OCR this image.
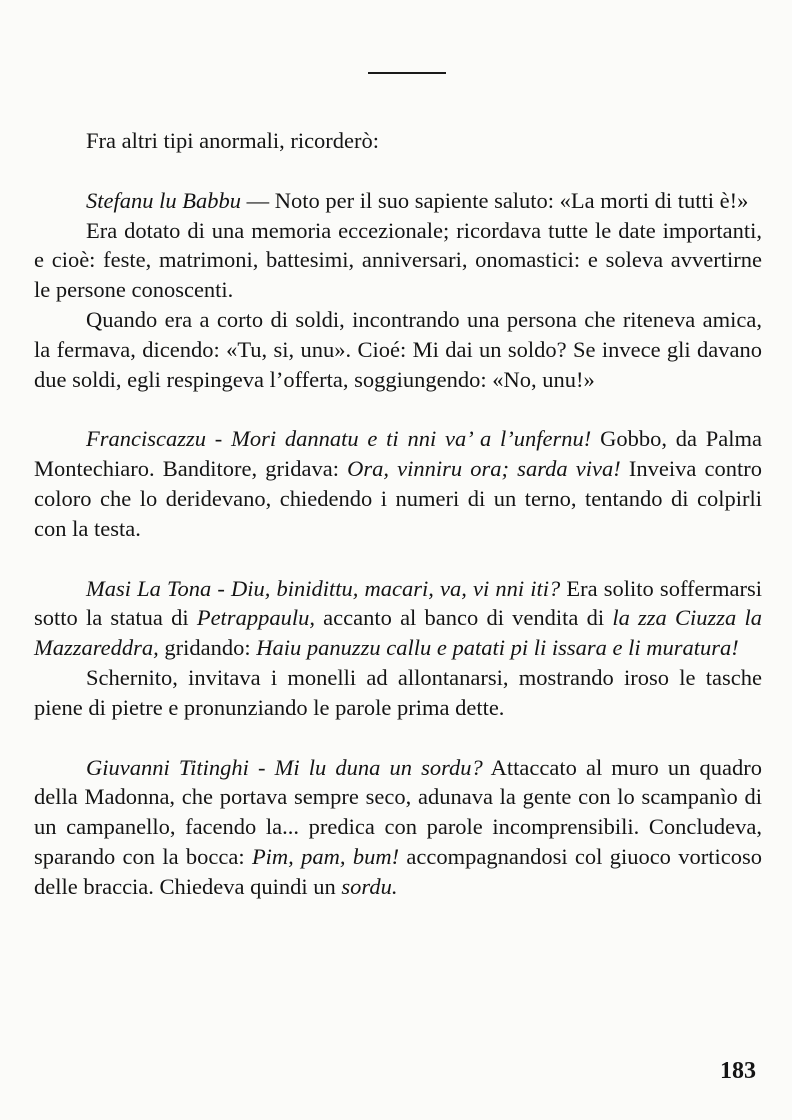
Fra altri tipi anormali, ricorderò:

Stefanu lu Babbu — Noto per il suo sapiente saluto: «La morti di tutti è!»

Era dotato di una memoria eccezionale; ricordava tutte le date importanti, e cioè: feste, matrimoni, battesimi, anniversari, onomastici: e soleva avvertirne le persone conoscenti.

Quando era a corto di soldi, incontrando una persona che riteneva amica, la fermava, dicendo: «Tu, si, unu». Cioé: Mi dai un soldo? Se invece gli davano due soldi, egli respingeva l’offerta, soggiungendo: «No, unu!»

Franciscazzu - Mori dannatu e ti nni va’ a l’unfernu! Gobbo, da Palma Montechiaro. Banditore, gridava: Ora, vinniru ora; sarda viva! Inveiva contro coloro che lo deridevano, chiedendo i numeri di un terno, tentando di colpirli con la testa.

Masi La Tona - Diu, binidittu, macari, va, vi nni iti? Era solito soffermarsi sotto la statua di Petrappaulu, accanto al banco di vendita di la zza Ciuzza la Mazzareddra, gridando: Haiu panuzzu callu e patati pi li issara e li muratura!

Schernito, invitava i monelli ad allontanarsi, mostrando iroso le tasche piene di pietre e pronunziando le parole prima dette.

Giuvanni Titinghi - Mi lu duna un sordu? Attaccato al muro un quadro della Madonna, che portava sempre seco, adunava la gente con lo scampanìo di un campanello, facendo la... predica con parole incomprensibili. Concludeva, sparando con la bocca: Pim, pam, bum! accompagnandosi col giuoco vorticoso delle braccia. Chiedeva quindi un sordu.

183
